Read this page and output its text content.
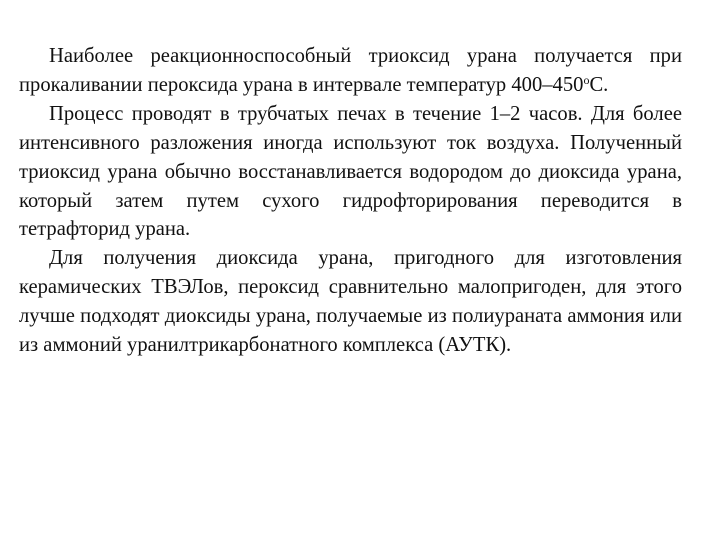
Наиболее реакционноспособный триоксид урана получается при прокаливании пероксида урана в интервале температур $400-450^оС$.

Процесс проводят в трубчатых печах в течение 1–2 часов. Для более интенсивного разложения иногда используют ток воздуха. Полученный триоксид урана обычно восстанавливается водородом до диоксида урана, который затем путем сухого гидрофторирования переводится в тетрафторид урана.

Для получения диоксида урана, пригодного для изготовления керамических ТВЭЛов, пероксид сравнительно малопригоден, для этого лучше подходят диоксиды урана, получаемые из полиураната аммония или из аммоний уранилтрикарбонатного комплекса (АУТК).
